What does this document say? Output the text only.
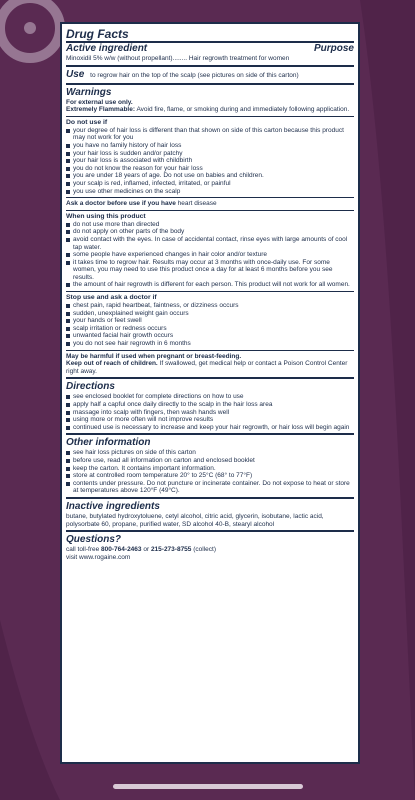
Drug Facts
Active ingredient	Purpose
Minoxidil 5% w/w (without propellant)........ Hair regrowth treatment for women
Use to regrow hair on the top of the scalp (see pictures on side of this carton)
Warnings
For external use only.
Extremely Flammable: Avoid fire, flame, or smoking during and immediately following application.
Do not use if
your degree of hair loss is different than that shown on side of this carton because this product may not work for you
you have no family history of hair loss
your hair loss is sudden and/or patchy
your hair loss is associated with childbirth
you do not know the reason for your hair loss
you are under 18 years of age. Do not use on babies and children.
your scalp is red, inflamed, infected, irritated, or painful
you use other medicines on the scalp
Ask a doctor before use if you have heart disease
When using this product
do not use more than directed
do not apply on other parts of the body
avoid contact with the eyes. In case of accidental contact, rinse eyes with large amounts of cool tap water.
some people have experienced changes in hair color and/or texture
it takes time to regrow hair. Results may occur at 3 months with once-daily use. For some women, you may need to use this product once a day for at least 6 months before you see results.
the amount of hair regrowth is different for each person. This product will not work for all women.
Stop use and ask a doctor if
chest pain, rapid heartbeat, faintness, or dizziness occurs
sudden, unexplained weight gain occurs
your hands or feet swell
scalp irritation or redness occurs
unwanted facial hair growth occurs
you do not see hair regrowth in 6 months
May be harmful if used when pregnant or breast-feeding.
Keep out of reach of children. If swallowed, get medical help or contact a Poison Control Center right away.
Directions
see enclosed booklet for complete directions on how to use
apply half a capful once daily directly to the scalp in the hair loss area
massage into scalp with fingers, then wash hands well
using more or more often will not improve results
continued use is necessary to increase and keep your hair regrowth, or hair loss will begin again
Other information
see hair loss pictures on side of this carton
before use, read all information on carton and enclosed booklet
keep the carton. It contains important information.
store at controlled room temperature 20° to 25°C (68° to 77°F)
contents under pressure. Do not puncture or incinerate container. Do not expose to heat or store at temperatures above 120°F (49°C).
Inactive ingredients
butane, butylated hydroxytoluene, cetyl alcohol, citric acid, glycerin, isobutane, lactic acid, polysorbate 60, propane, purified water, SD alcohol 40-B, stearyl alcohol
Questions?
call toll-free 800-764-2463 or 215-273-8755 (collect)
visit www.rogaine.com
